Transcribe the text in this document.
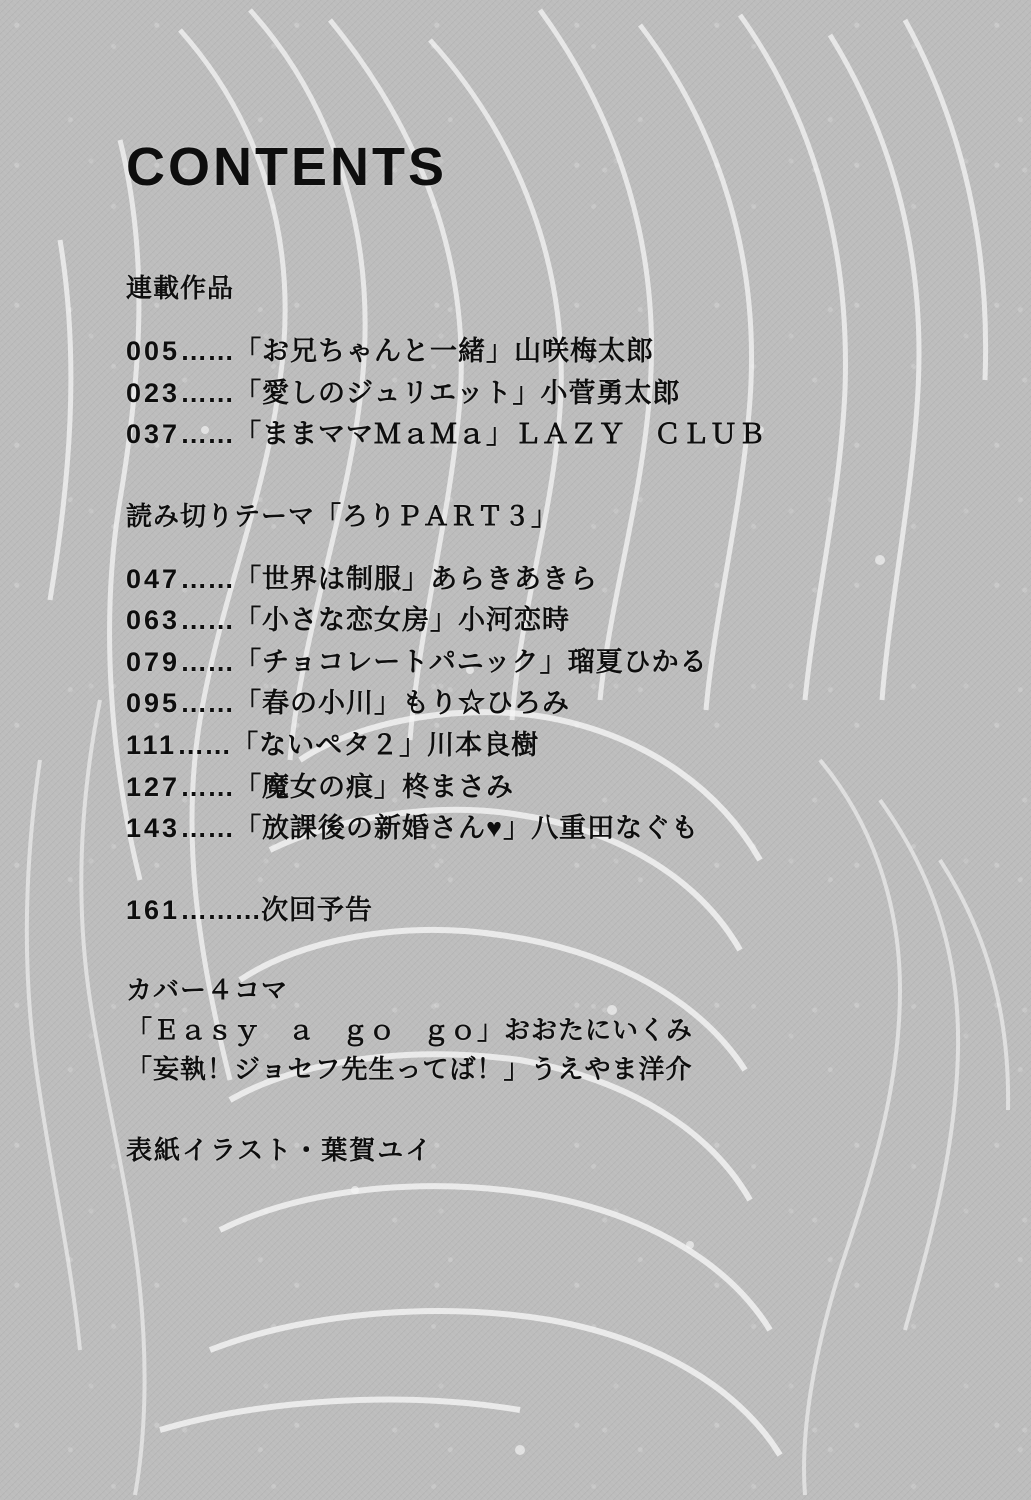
CONTENTS
連載作品
005……「お兄ちゃんと一緒」山咲梅太郎
023……「愛しのジュリエット」小菅勇太郎
037……「ままママＭａＭａ」ＬＡＺＹ　ＣＬＵＢ
読み切りテーマ「ろりＰＡＲＴ３」
047……「世界は制服」あらきあきら
063……「小さな恋女房」小河恋時
079……「チョコレートパニック」瑠夏ひかる
095……「春の小川」もり☆ひろみ
111……「ないペタ２」川本良樹
127……「魔女の痕」柊まさみ
143……「放課後の新婚さん♥」八重田なぐも
161………次回予告
カバー４コマ
「Ｅａｓｙ　ａ　ｇｏ　ｇｏ」おおたにいくみ
「妄執！ジョセフ先生ってば！」うえやま洋介
表紙イラスト・葉賀ユイ
